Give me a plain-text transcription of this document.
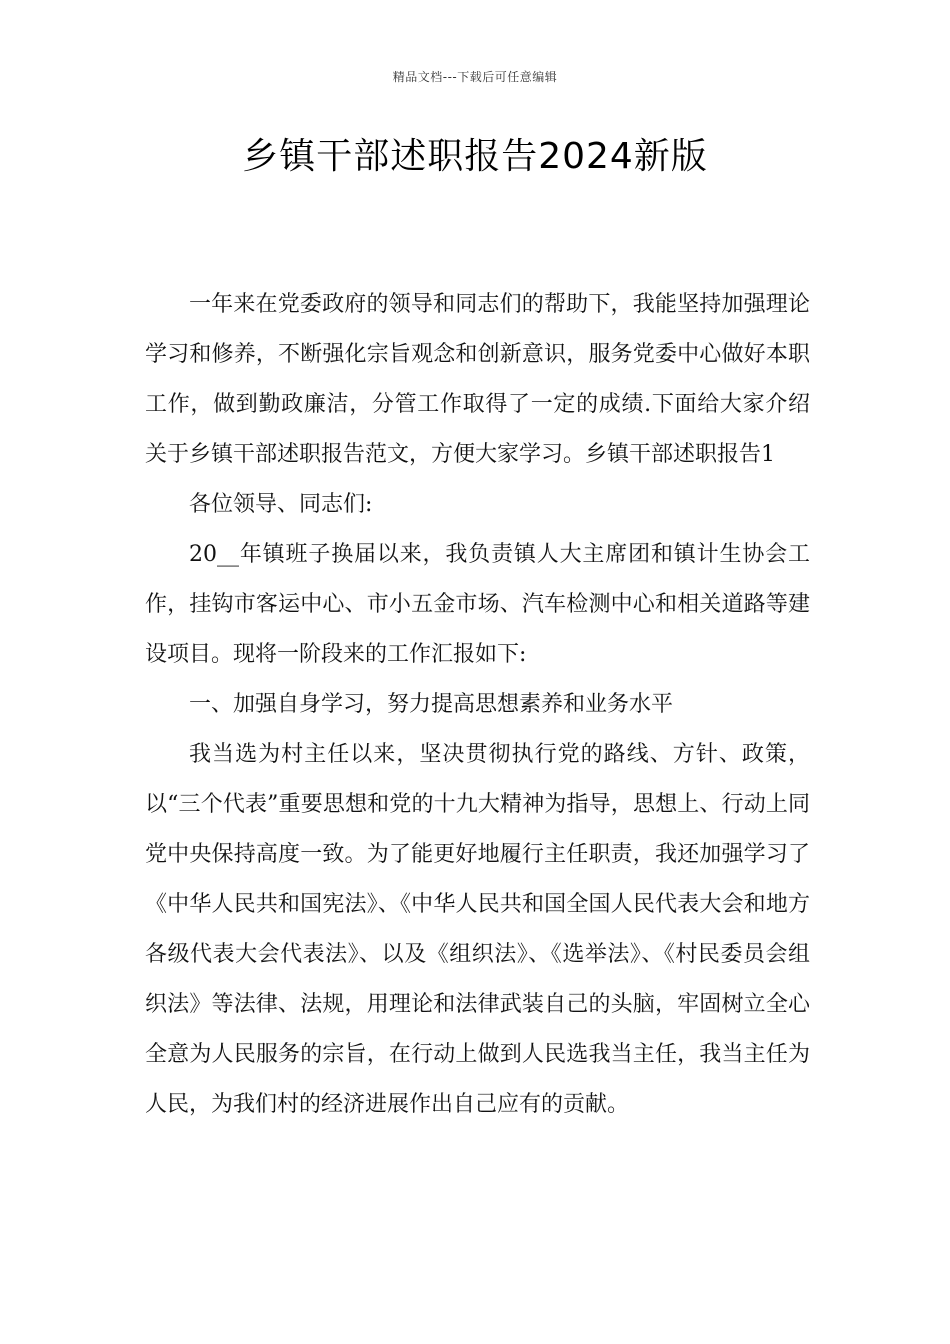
精品文档---下载后可任意编辑
乡镇干部述职报告2024新版

一年来在党委政府的领导和同志们的帮助下，我能坚持加强理论学习和修养，不断强化宗旨观念和创新意识，服务党委中心做好本职工作，做到勤政廉洁，分管工作取得了一定的成绩.下面给大家介绍关于乡镇干部述职报告范文，方便大家学习。乡镇干部述职报告1

各位领导、同志们:

20__年镇班子换届以来，我负责镇人大主席团和镇计生协会工作，挂钩市客运中心、市小五金市场、汽车检测中心和相关道路等建设项目。现将一阶段来的工作汇报如下:

一、加强自身学习，努力提高思想素养和业务水平

我当选为村主任以来，坚决贯彻执行党的路线、方针、政策，以“三个代表”重要思想和党的十九大精神为指导，思想上、行动上同党中央保持高度一致。为了能更好地履行主任职责，我还加强学习了《中华人民共和国宪法》、《中华人民共和国全国人民代表大会和地方各级代表大会代表法》、以及《组织法》、《选举法》、《村民委员会组织法》等法律、法规，用理论和法律武装自己的头脑，牢固树立全心全意为人民服务的宗旨，在行动上做到人民选我当主任，我当主任为人民，为我们村的经济进展作出自己应有的贡献。
